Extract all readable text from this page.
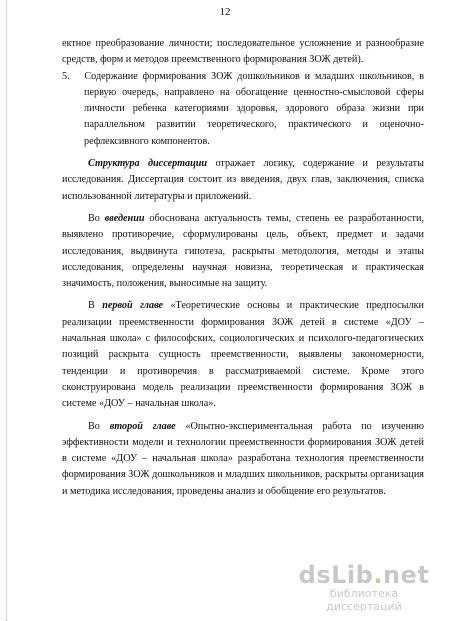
12

ектное преобразование личности; последовательное усложнение и разнообразие средств, форм и методов преемственного формирования ЗОЖ детей).

5. Содержание формирования ЗОЖ дошкольников и младших школьников, в первую очередь, направлено на обогащение ценностно-смысловой сферы личности ребенка категориями здоровья, здорового образа жизни при параллельном развитии теоретического, практического и оценочно-рефлексивного компонентов.

Структура диссертации отражает логику, содержание и результаты исследования. Диссертация состоит из введения, двух глав, заключения, списка использованной литературы и приложений.

Во введении обоснована актуальность темы, степень ее разработанности, выявлено противоречие, сформулированы цель, объект, предмет и задачи исследования, выдвинута гипотеза, раскрыты методология, методы и этапы исследования, определены научная новизна, теоретическая и практическая значимость, положения, выносимые на защиту.

В первой главе «Теоретические основы и практические предпосылки реализации преемственности формирования ЗОЖ детей в системе «ДОУ – начальная школа» с философских, социологических и психолого-педагогических позиций раскрыта сущность преемственности, выявлены закономерности, тенденции и противоречия в рассматриваемой системе. Кроме этого сконструирована модель реализации преемственности формирования ЗОЖ в системе «ДОУ – начальная школа».

Во второй главе «Опытно-экспериментальная работа по изучению эффективности модели и технологии преемственности формирования ЗОЖ детей в системе «ДОУ – начальная школа» разработана технология преемственности формирования ЗОЖ дошкольников и младших школьников, раскрыты организация и методика исследования, проведены анализ и обобщение его результатов.

dsLib.net
библиотека диссертаций
